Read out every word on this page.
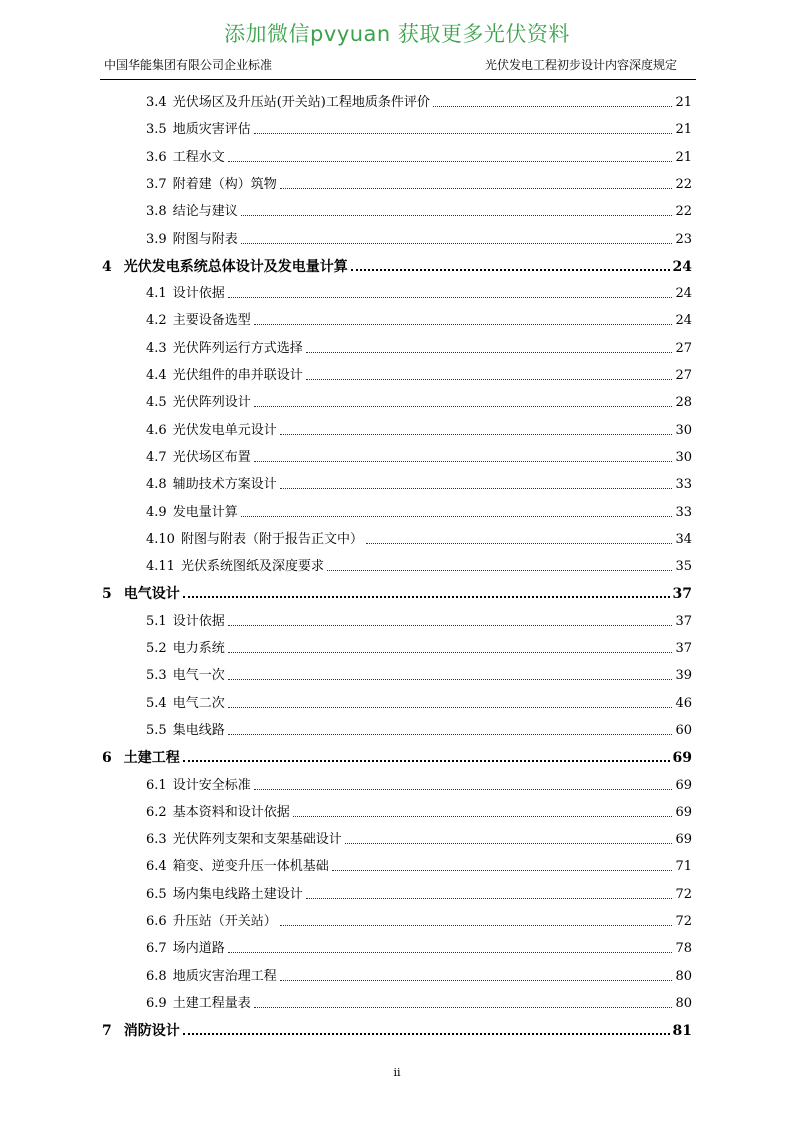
添加微信pvyuan 获取更多光伏资料
中国华能集团有限公司企业标准	光伏发电工程初步设计内容深度规定
3.4 光伏场区及升压站(开关站)工程地质条件评价	21
3.5 地质灾害评估	21
3.6 工程水文	21
3.7 附着建（构）筑物	22
3.8 结论与建议	22
3.9 附图与附表	23
4 光伏发电系统总体设计及发电量计算	24
4.1 设计依据	24
4.2 主要设备选型	24
4.3 光伏阵列运行方式选择	27
4.4 光伏组件的串并联设计	27
4.5 光伏阵列设计	28
4.6 光伏发电单元设计	30
4.7 光伏场区布置	30
4.8 辅助技术方案设计	33
4.9 发电量计算	33
4.10 附图与附表（附于报告正文中）	34
4.11 光伏系统图纸及深度要求	35
5 电气设计	37
5.1 设计依据	37
5.2 电力系统	37
5.3 电气一次	39
5.4 电气二次	46
5.5 集电线路	60
6 土建工程	69
6.1 设计安全标准	69
6.2 基本资料和设计依据	69
6.3 光伏阵列支架和支架基础设计	69
6.4 箱变、逆变升压一体机基础	71
6.5 场内集电线路土建设计	72
6.6 升压站（开关站）	72
6.7 场内道路	78
6.8 地质灾害治理工程	80
6.9 土建工程量表	80
7 消防设计	81
ii
